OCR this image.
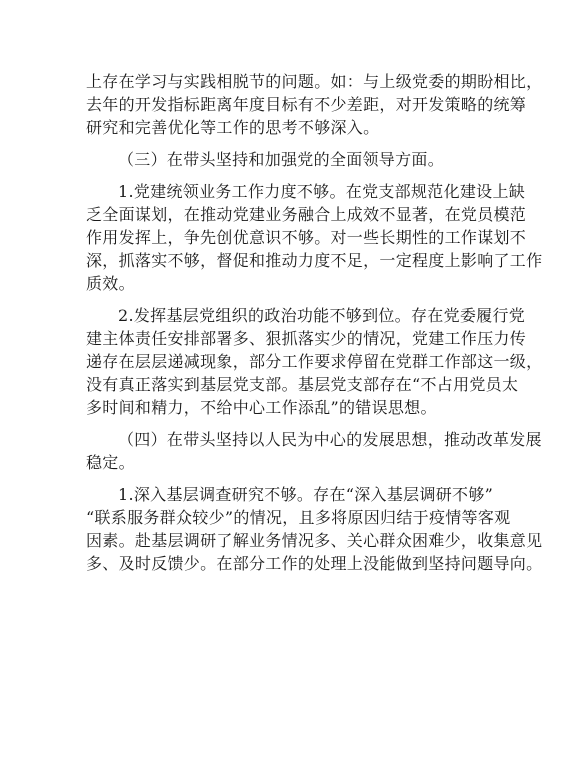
上存在学习与实践相脱节的问题。如：与上级党委的期盼相比，

去年的开发指标距离年度目标有不少差距，对开发策略的统筹

研究和完善优化等工作的思考不够深入。

（三）在带头坚持和加强党的全面领导方面。

1.党建统领业务工作力度不够。在党支部规范化建设上缺

乏全面谋划，在推动党建业务融合上成效不显著，在党员模范

作用发挥上，争先创优意识不够。对一些长期性的工作谋划不

深，抓落实不够，督促和推动力度不足，一定程度上影响了工作

质效。

2.发挥基层党组织的政治功能不够到位。存在党委履行党

建主体责任安排部署多、狠抓落实少的情况，党建工作压力传

递存在层层递减现象，部分工作要求停留在党群工作部这一级，

没有真正落实到基层党支部。基层党支部存在“不占用党员太

多时间和精力，不给中心工作添乱”的错误思想。

（四）在带头坚持以人民为中心的发展思想，推动改革发展

稳定。

1.深入基层调查研究不够。存在“深入基层调研不够”

“联系服务群众较少”的情况，且多将原因归结于疫情等客观

因素。赴基层调研了解业务情况多、关心群众困难少，收集意见

多、及时反馈少。在部分工作的处理上没能做到坚持问题导向。
